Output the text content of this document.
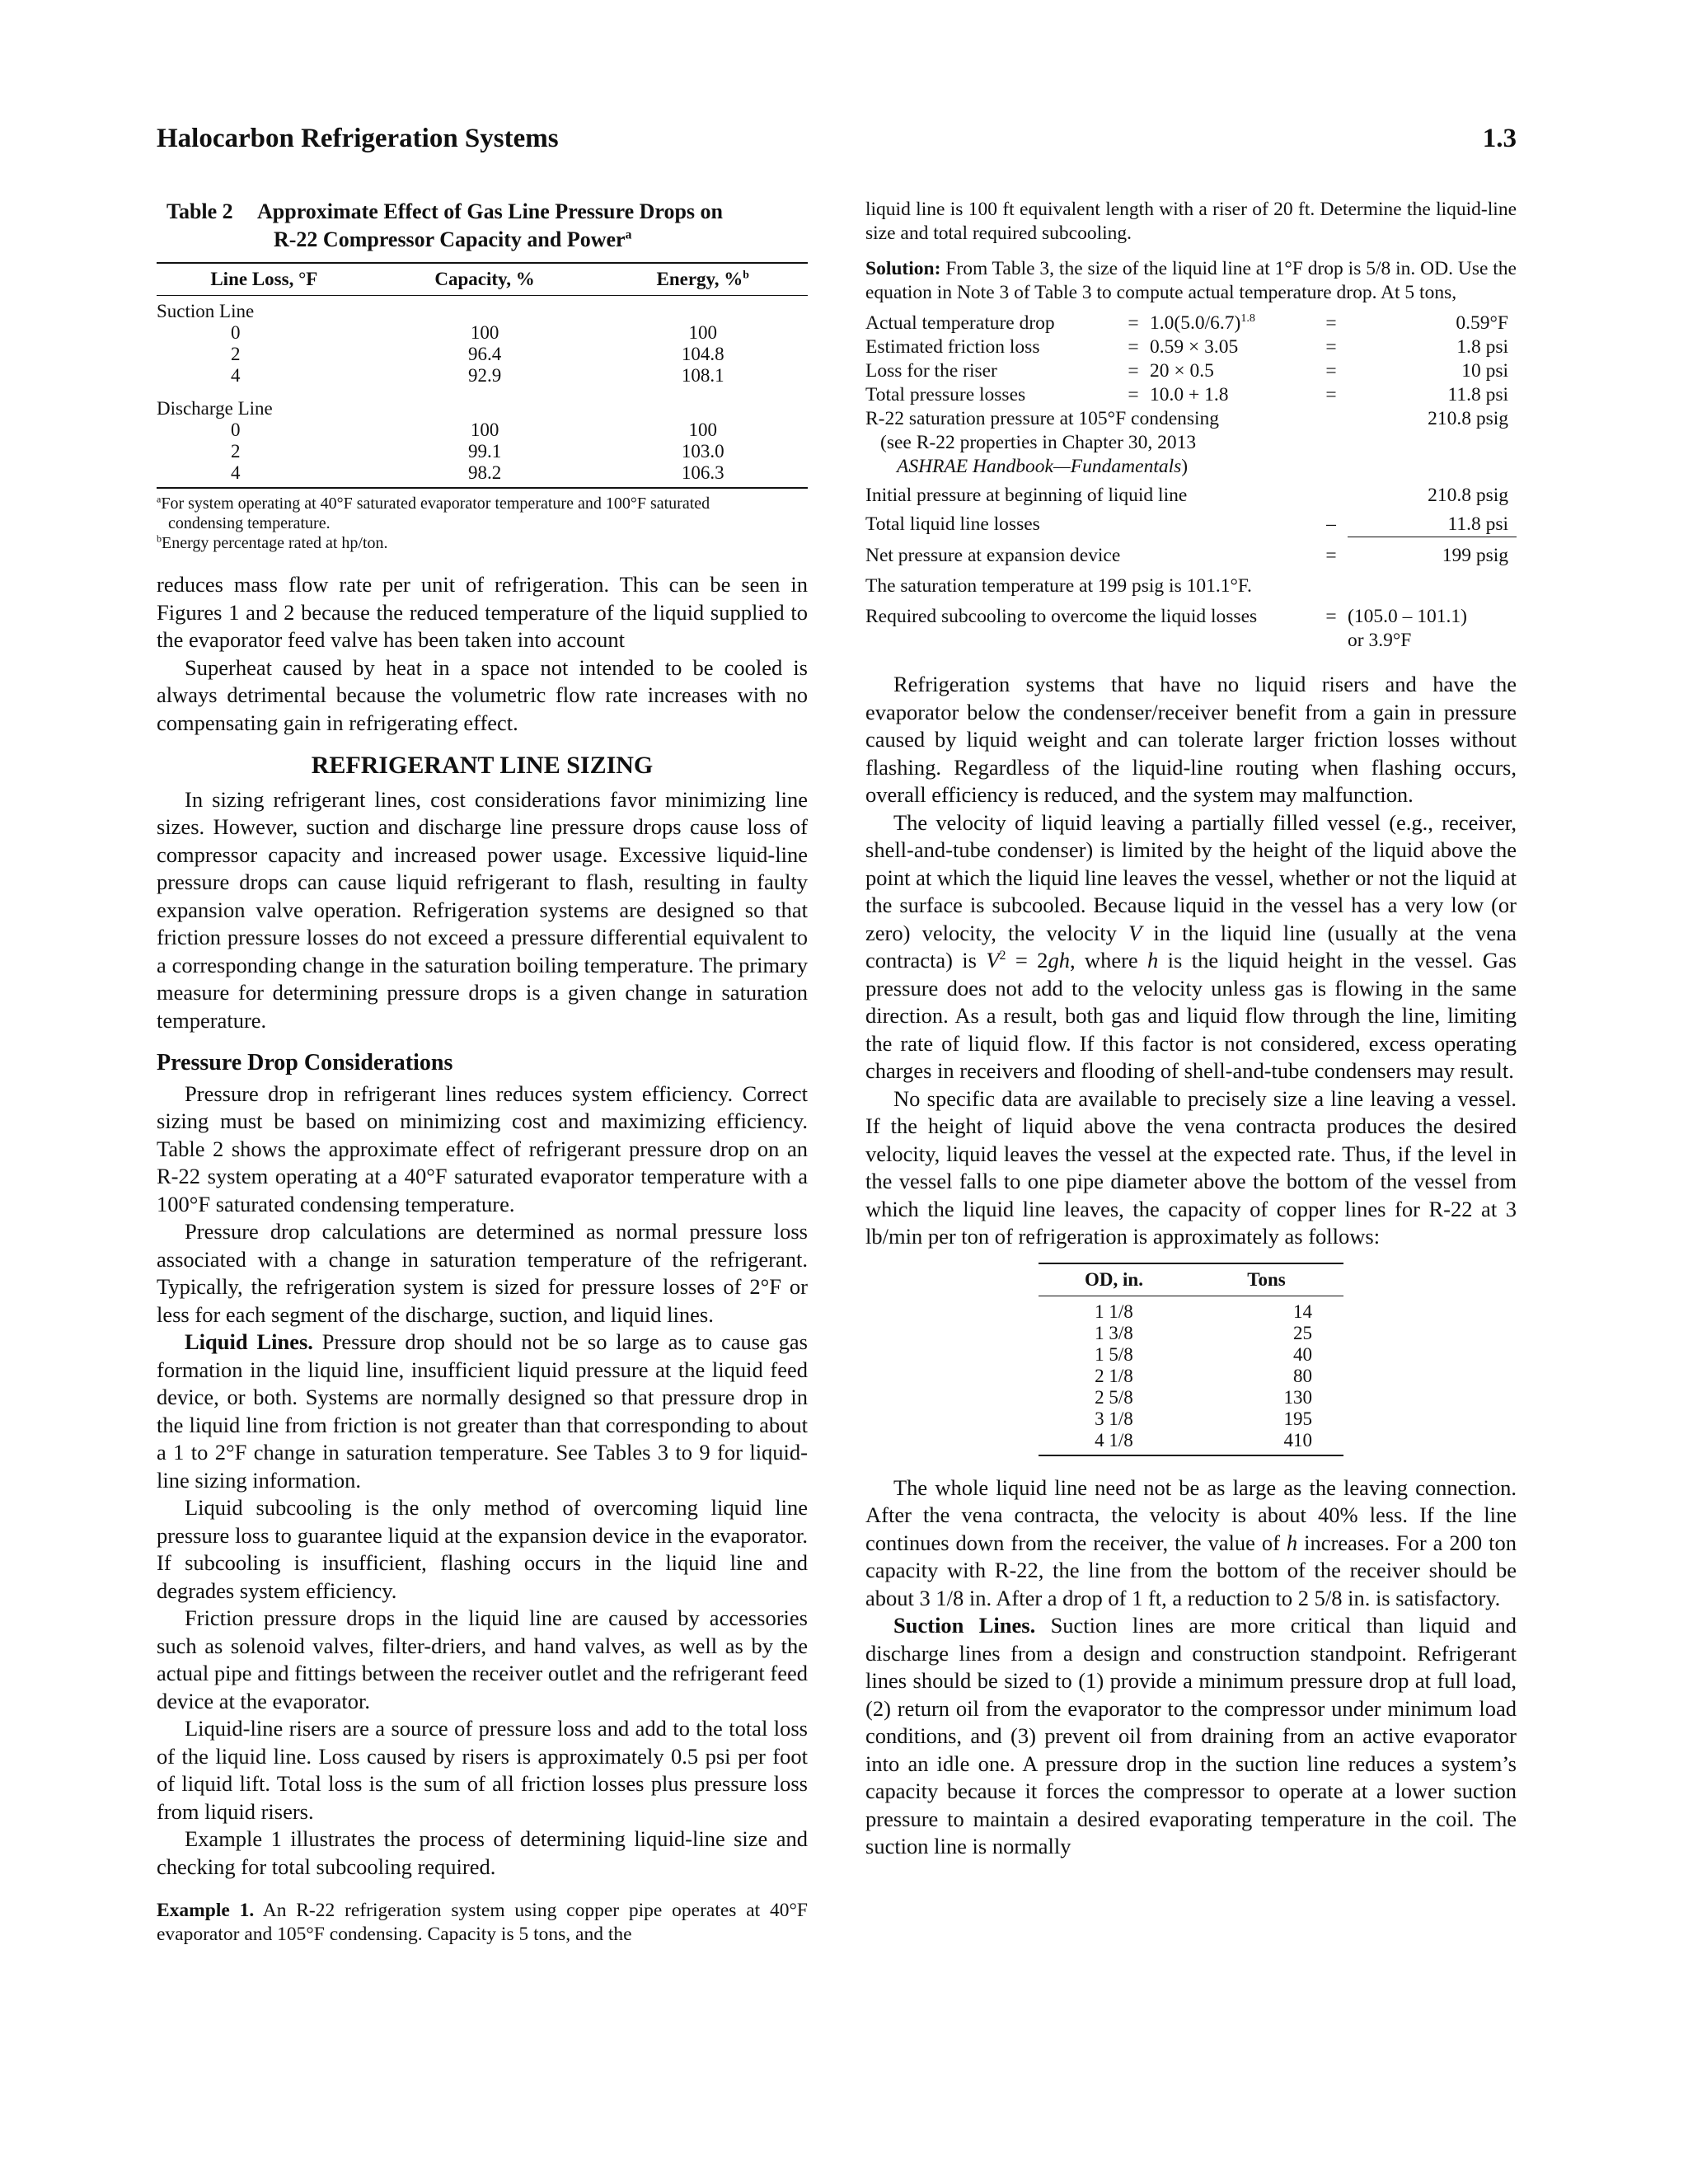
Halocarbon Refrigeration Systems	1.3
Table 2 Approximate Effect of Gas Line Pressure Drops on
R-22 Compressor Capacity and Power$^a$
Line Loss, °F	Capacity, %	Energy, %$^b$
Suction Line		
0	100	100
2	96.4	104.8
4	92.9	108.1
Discharge Line		
0	100	100
2	99.1	103.0
4	98.2	106.3
$^a$For system operating at 40°F saturated evaporator temperature and 100°F saturated
condensing temperature.
$^b$Energy percentage rated at hp/ton.

reduces mass flow rate per unit of refrigeration. This can be seen in Figures 1 and 2 because the reduced temperature of the liquid supplied to the evaporator feed valve has been taken into account

Superheat caused by heat in a space not intended to be cooled is always detrimental because the volumetric flow rate increases with no compensating gain in refrigerating effect.

REFRIGERANT LINE SIZING

In sizing refrigerant lines, cost considerations favor minimizing line sizes. However, suction and discharge line pressure drops cause loss of compressor capacity and increased power usage. Excessive liquid-line pressure drops can cause liquid refrigerant to flash, resulting in faulty expansion valve operation. Refrigeration systems are designed so that friction pressure losses do not exceed a pressure differential equivalent to a corresponding change in the saturation boiling temperature. The primary measure for determining pressure drops is a given change in saturation temperature.

Pressure Drop Considerations

Pressure drop in refrigerant lines reduces system efficiency. Correct sizing must be based on minimizing cost and maximizing efficiency. Table 2 shows the approximate effect of refrigerant pressure drop on an R-22 system operating at a 40°F saturated evaporator temperature with a 100°F saturated condensing temperature.

Pressure drop calculations are determined as normal pressure loss associated with a change in saturation temperature of the refrigerant. Typically, the refrigeration system is sized for pressure losses of 2°F or less for each segment of the discharge, suction, and liquid lines.

Liquid Lines. Pressure drop should not be so large as to cause gas formation in the liquid line, insufficient liquid pressure at the liquid feed device, or both. Systems are normally designed so that pressure drop in the liquid line from friction is not greater than that corresponding to about a 1 to 2°F change in saturation temperature. See Tables 3 to 9 for liquid-line sizing information.

Liquid subcooling is the only method of overcoming liquid line pressure loss to guarantee liquid at the expansion device in the evaporator. If subcooling is insufficient, flashing occurs in the liquid line and degrades system efficiency.

Friction pressure drops in the liquid line are caused by accessories such as solenoid valves, filter-driers, and hand valves, as well as by the actual pipe and fittings between the receiver outlet and the refrigerant feed device at the evaporator.

Liquid-line risers are a source of pressure loss and add to the total loss of the liquid line. Loss caused by risers is approximately 0.5 psi per foot of liquid lift. Total loss is the sum of all friction losses plus pressure loss from liquid risers.

Example 1 illustrates the process of determining liquid-line size and checking for total subcooling required.

Example 1. An R-22 refrigeration system using copper pipe operates at 40°F evaporator and 105°F condensing. Capacity is 5 tons, and the
liquid line is 100 ft equivalent length with a riser of 20 ft. Determine the liquid-line size and total required subcooling.
Solution: From Table 3, the size of the liquid line at 1°F drop is 5/8 in. OD. Use the equation in Note 3 of Table 3 to compute actual temperature drop. At 5 tons,
Actual temperature drop	=	$1.0(5.0/6.7)^{1.8}$	=	0.59°F
Estimated friction loss	=	0.59 × 3.05	=	1.8 psi
Loss for the riser	=	20 × 0.5	=	10 psi
Total pressure losses	=	10.0 + 1.8	=	11.8 psi
R-22 saturation pressure at 105°F condensing				210.8 psig
(see R-22 properties in Chapter 30, 2013				
ASHRAE Handbook—Fundamentals)				
Initial pressure at beginning of liquid line				210.8 psig
Total liquid line losses			–	11.8 psi
Net pressure at expansion device			=	199 psig
The saturation temperature at 199 psig is 101.1°F.				
Required subcooling to overcome the liquid losses			=	(105.0 – 101.1)
				or 3.9°F

Refrigeration systems that have no liquid risers and have the evaporator below the condenser/receiver benefit from a gain in pressure caused by liquid weight and can tolerate larger friction losses without flashing. Regardless of the liquid-line routing when flashing occurs, overall efficiency is reduced, and the system may malfunction.

The velocity of liquid leaving a partially filled vessel (e.g., receiver, shell-and-tube condenser) is limited by the height of the liquid above the point at which the liquid line leaves the vessel, whether or not the liquid at the surface is subcooled. Because liquid in the vessel has a very low (or zero) velocity, the velocity V in the liquid line (usually at the vena contracta) is $V^2 = 2gh$, where h is the liquid height in the vessel. Gas pressure does not add to the velocity unless gas is flowing in the same direction. As a result, both gas and liquid flow through the line, limiting the rate of liquid flow. If this factor is not considered, excess operating charges in receivers and flooding of shell-and-tube condensers may result.

No specific data are available to precisely size a line leaving a vessel. If the height of liquid above the vena contracta produces the desired velocity, liquid leaves the vessel at the expected rate. Thus, if the level in the vessel falls to one pipe diameter above the bottom of the vessel from which the liquid line leaves, the capacity of copper lines for R-22 at 3 lb/min per ton of refrigeration is approximately as follows:

OD, in.	Tons
1 1/8	14
1 3/8	25
1 5/8	40
2 1/8	80
2 5/8	130
3 1/8	195
4 1/8	410

The whole liquid line need not be as large as the leaving connection. After the vena contracta, the velocity is about 40% less. If the line continues down from the receiver, the value of h increases. For a 200 ton capacity with R-22, the line from the bottom of the receiver should be about 3 1/8 in. After a drop of 1 ft, a reduction to 2 5/8 in. is satisfactory.

Suction Lines. Suction lines are more critical than liquid and discharge lines from a design and construction standpoint. Refrigerant lines should be sized to (1) provide a minimum pressure drop at full load, (2) return oil from the evaporator to the compressor under minimum load conditions, and (3) prevent oil from draining from an active evaporator into an idle one. A pressure drop in the suction line reduces a system’s capacity because it forces the compressor to operate at a lower suction pressure to maintain a desired evaporating temperature in the coil. The suction line is normally
